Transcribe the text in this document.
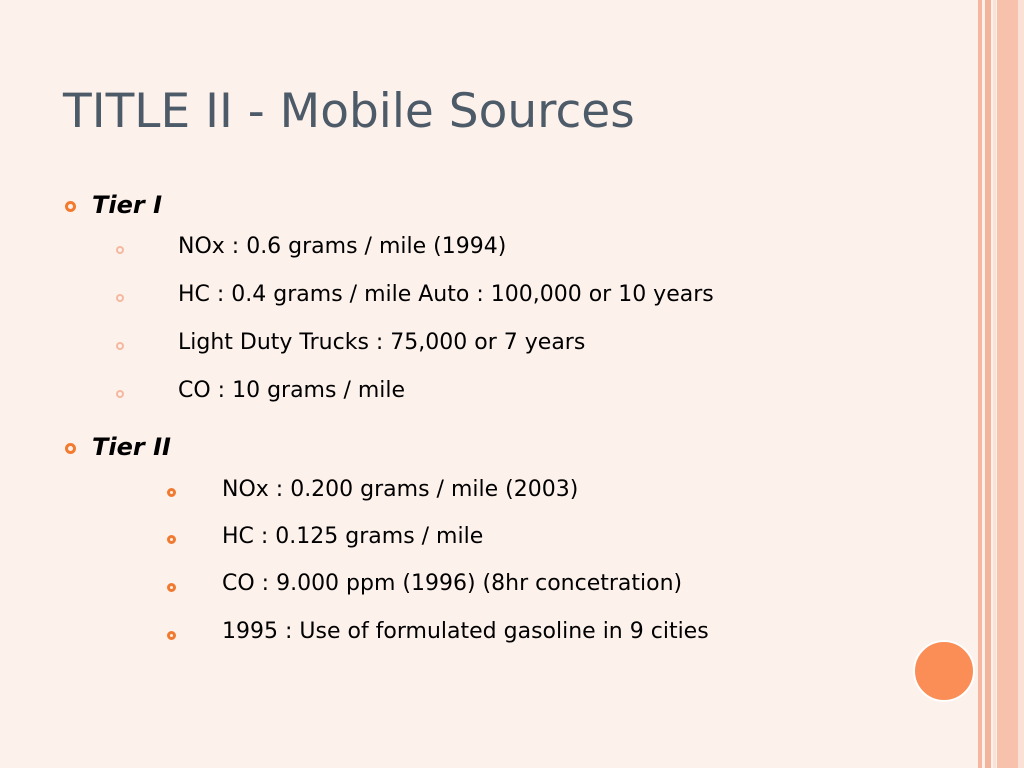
TITLE II - Mobile Sources
Tier I
NOx : 0.6 grams / mile (1994)
HC : 0.4 grams / mile Auto : 100,000 or 10 years
Light Duty Trucks : 75,000 or 7 years
CO : 10 grams / mile
Tier II
NOx : 0.200 grams / mile (2003)
HC : 0.125 grams / mile
CO : 9.000 ppm (1996) (8hr concetration)
1995 : Use of formulated gasoline in 9 cities
